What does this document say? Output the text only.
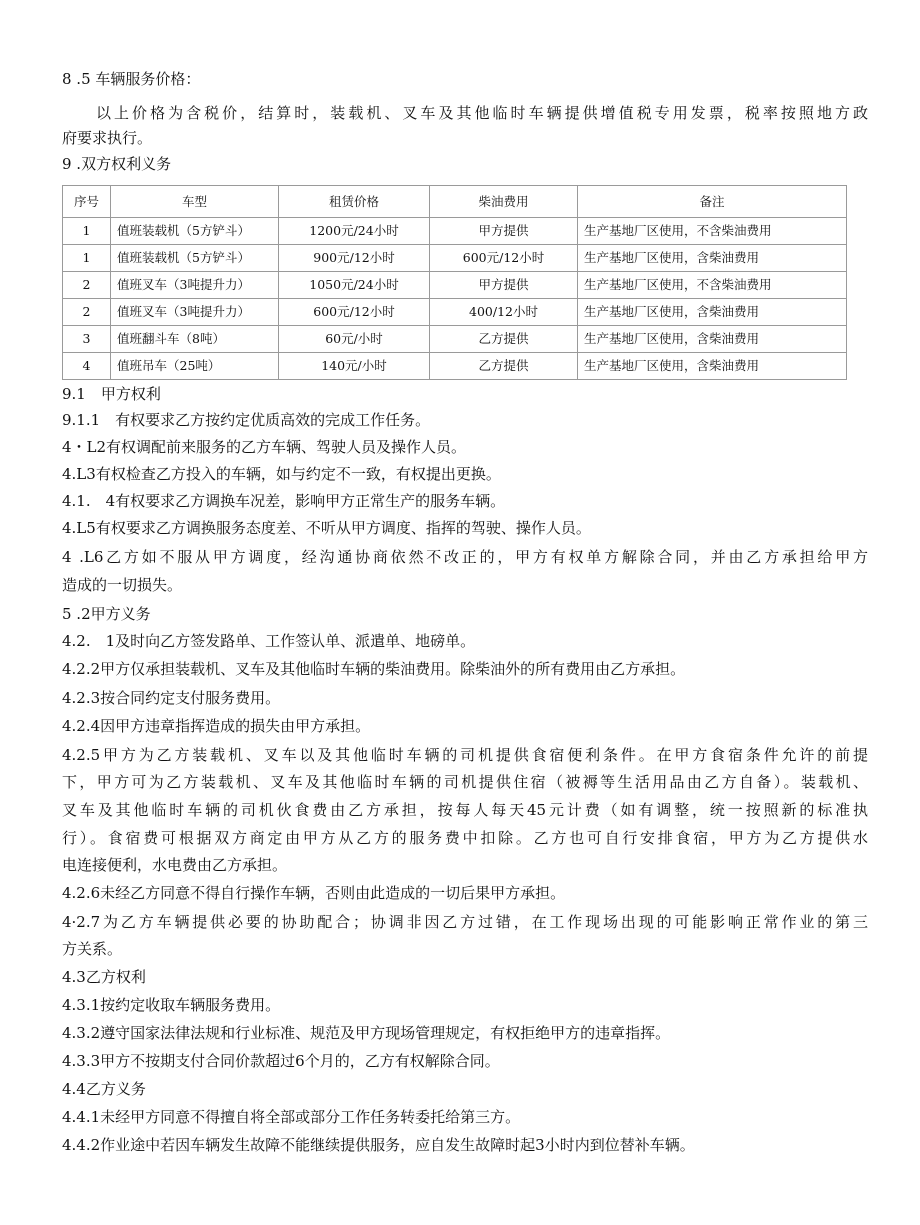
8 .5 车辆服务价格：
以上价格为含税价，结算时，装载机、叉车及其他临时车辆提供增值税专用发票，税率按照地方政
府要求执行。
9 .双方权利义务
序号	车型	租赁价格	柴油费用	备注
1	值班装载机（5方铲斗）	1200元/24小时	甲方提供	生产基地厂区使用，不含柴油费用
1	值班装载机（5方铲斗）	900元/12小时	600元/12小时	生产基地厂区使用，含柴油费用
2	值班叉车（3吨提升力）	1050元/24小时	甲方提供	生产基地厂区使用，不含柴油费用
2	值班叉车（3吨提升力）	600元/12小时	400/12小时	生产基地厂区使用，含柴油费用
3	值班翻斗车（8吨）	60元/小时	乙方提供	生产基地厂区使用，含柴油费用
4	值班吊车（25吨）	140元/小时	乙方提供	生产基地厂区使用，含柴油费用
9.1　甲方权利
9.1.1　有权要求乙方按约定优质高效的完成工作任务。
4・L2有权调配前来服务的乙方车辆、驾驶人员及操作人员。
4.L3有权检查乙方投入的车辆，如与约定不一致，有权提出更换。
4.1.　4有权要求乙方调换车况差，影响甲方正常生产的服务车辆。
4.L5有权要求乙方调换服务态度差、不听从甲方调度、指挥的驾驶、操作人员。
4 .L6乙方如不服从甲方调度，经沟通协商依然不改正的，甲方有权单方解除合同，并由乙方承担给甲方
造成的一切损失。
5 .2甲方义务
4.2.　1及时向乙方签发路单、工作签认单、派遣单、地磅单。
4.2.2甲方仅承担装载机、叉车及其他临时车辆的柴油费用。除柴油外的所有费用由乙方承担。
4.2.3按合同约定支付服务费用。
4.2.4因甲方违章指挥造成的损失由甲方承担。
4.2.5甲方为乙方装载机、叉车以及其他临时车辆的司机提供食宿便利条件。在甲方食宿条件允许的前提
下，甲方可为乙方装载机、叉车及其他临时车辆的司机提供住宿（被褥等生活用品由乙方自备）。装载机、
叉车及其他临时车辆的司机伙食费由乙方承担，按每人每天45元计费（如有调整，统一按照新的标准执
行）。食宿费可根据双方商定由甲方从乙方的服务费中扣除。乙方也可自行安排食宿，甲方为乙方提供水
电连接便利，水电费由乙方承担。
4.2.6未经乙方同意不得自行操作车辆，否则由此造成的一切后果甲方承担。
4·2.7为乙方车辆提供必要的协助配合；协调非因乙方过错，在工作现场出现的可能影响正常作业的第三
方关系。
4.3乙方权利
4.3.1按约定收取车辆服务费用。
4.3.2遵守国家法律法规和行业标准、规范及甲方现场管理规定，有权拒绝甲方的违章指挥。
4.3.3甲方不按期支付合同价款超过6个月的，乙方有权解除合同。
4.4乙方义务
4.4.1未经甲方同意不得擅自将全部或部分工作任务转委托给第三方。
4.4.2作业途中若因车辆发生故障不能继续提供服务，应自发生故障时起3小时内到位替补车辆。
